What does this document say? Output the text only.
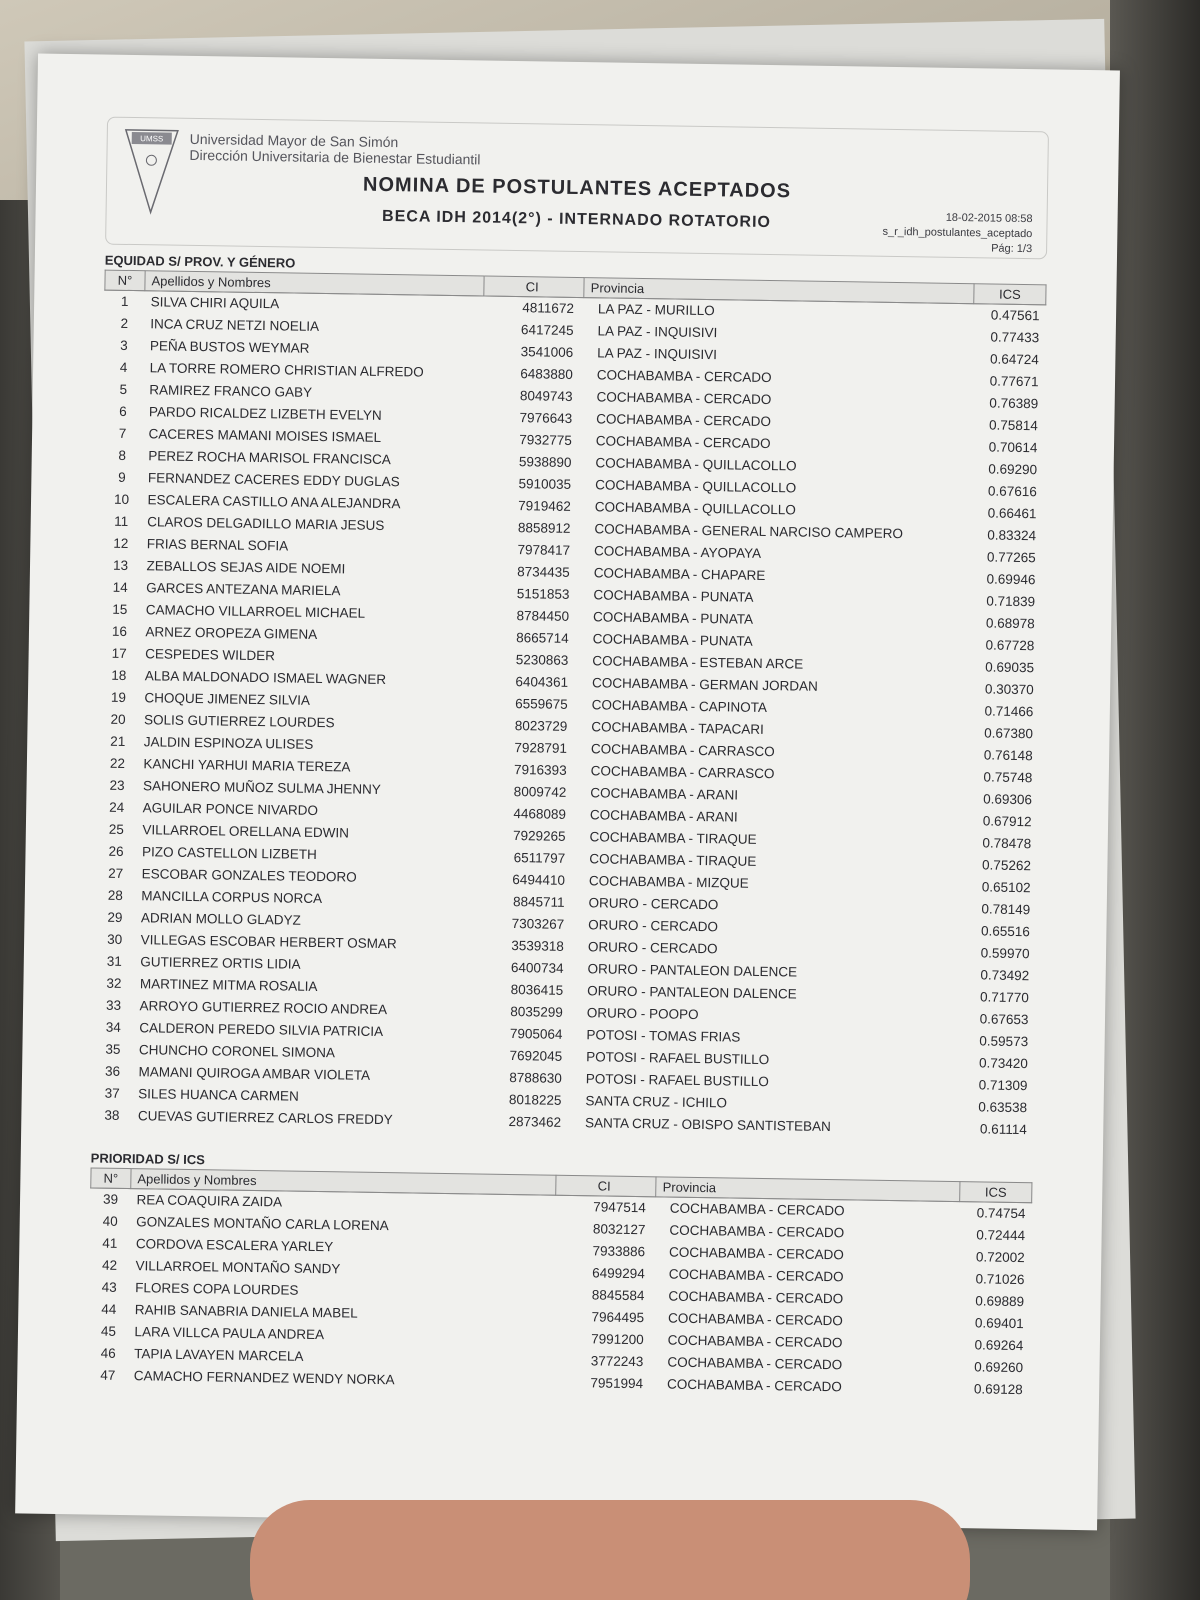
UMSS Universidad Mayor de San Simón
Dirección Universitaria de Bienestar Estudiantil
NOMINA DE POSTULANTES ACEPTADOS
BECA IDH 2014(2°) - INTERNADO ROTATORIO	18-02-2015 08:58
s_r_idh_postulantes_aceptado
Pág: 1/3
EQUIDAD S/ PROV. Y GÉNERO
N°	Apellidos y Nombres	CI	Provincia	ICS
1	SILVA CHIRI AQUILA	4811672	LA PAZ - MURILLO	0.47561
2	INCA CRUZ NETZI NOELIA	6417245	LA PAZ - INQUISIVI	0.77433
3	PEÑA BUSTOS WEYMAR	3541006	LA PAZ - INQUISIVI	0.64724
4	LA TORRE ROMERO CHRISTIAN ALFREDO	6483880	COCHABAMBA - CERCADO	0.77671
5	RAMIREZ FRANCO GABY	8049743	COCHABAMBA - CERCADO	0.76389
6	PARDO RICALDEZ LIZBETH EVELYN	7976643	COCHABAMBA - CERCADO	0.75814
7	CACERES MAMANI MOISES ISMAEL	7932775	COCHABAMBA - CERCADO	0.70614
8	PEREZ ROCHA MARISOL FRANCISCA	5938890	COCHABAMBA - QUILLACOLLO	0.69290
9	FERNANDEZ CACERES EDDY DUGLAS	5910035	COCHABAMBA - QUILLACOLLO	0.67616
10	ESCALERA CASTILLO ANA ALEJANDRA	7919462	COCHABAMBA - QUILLACOLLO	0.66461
11	CLAROS DELGADILLO MARIA JESUS	8858912	COCHABAMBA - GENERAL NARCISO CAMPERO	0.83324
12	FRIAS BERNAL SOFIA	7978417	COCHABAMBA - AYOPAYA	0.77265
13	ZEBALLOS SEJAS AIDE NOEMI	8734435	COCHABAMBA - CHAPARE	0.69946
14	GARCES ANTEZANA MARIELA	5151853	COCHABAMBA - PUNATA	0.71839
15	CAMACHO VILLARROEL MICHAEL	8784450	COCHABAMBA - PUNATA	0.68978
16	ARNEZ OROPEZA GIMENA	8665714	COCHABAMBA - PUNATA	0.67728
17	CESPEDES WILDER	5230863	COCHABAMBA - ESTEBAN ARCE	0.69035
18	ALBA MALDONADO ISMAEL WAGNER	6404361	COCHABAMBA - GERMAN JORDAN	0.30370
19	CHOQUE JIMENEZ SILVIA	6559675	COCHABAMBA - CAPINOTA	0.71466
20	SOLIS GUTIERREZ LOURDES	8023729	COCHABAMBA - TAPACARI	0.67380
21	JALDIN ESPINOZA ULISES	7928791	COCHABAMBA - CARRASCO	0.76148
22	KANCHI YARHUI MARIA TEREZA	7916393	COCHABAMBA - CARRASCO	0.75748
23	SAHONERO MUÑOZ SULMA JHENNY	8009742	COCHABAMBA - ARANI	0.69306
24	AGUILAR PONCE NIVARDO	4468089	COCHABAMBA - ARANI	0.67912
25	VILLARROEL ORELLANA EDWIN	7929265	COCHABAMBA - TIRAQUE	0.78478
26	PIZO CASTELLON LIZBETH	6511797	COCHABAMBA - TIRAQUE	0.75262
27	ESCOBAR GONZALES TEODORO	6494410	COCHABAMBA - MIZQUE	0.65102
28	MANCILLA CORPUS NORCA	8845711	ORURO - CERCADO	0.78149
29	ADRIAN MOLLO GLADYZ	7303267	ORURO - CERCADO	0.65516
30	VILLEGAS ESCOBAR HERBERT OSMAR	3539318	ORURO - CERCADO	0.59970
31	GUTIERREZ ORTIS LIDIA	6400734	ORURO - PANTALEON DALENCE	0.73492
32	MARTINEZ MITMA ROSALIA	8036415	ORURO - PANTALEON DALENCE	0.71770
33	ARROYO GUTIERREZ ROCIO ANDREA	8035299	ORURO - POOPO	0.67653
34	CALDERON PEREDO SILVIA PATRICIA	7905064	POTOSI - TOMAS FRIAS	0.59573
35	CHUNCHO CORONEL SIMONA	7692045	POTOSI - RAFAEL BUSTILLO	0.73420
36	MAMANI QUIROGA AMBAR VIOLETA	8788630	POTOSI - RAFAEL BUSTILLO	0.71309
37	SILES HUANCA CARMEN	8018225	SANTA CRUZ - ICHILO	0.63538
38	CUEVAS GUTIERREZ CARLOS FREDDY	2873462	SANTA CRUZ - OBISPO SANTISTEBAN	0.61114
PRIORIDAD S/ ICS
N°	Apellidos y Nombres	CI	Provincia	ICS
39	REA COAQUIRA ZAIDA	7947514	COCHABAMBA - CERCADO	0.74754
40	GONZALES MONTAÑO CARLA LORENA	8032127	COCHABAMBA - CERCADO	0.72444
41	CORDOVA ESCALERA YARLEY	7933886	COCHABAMBA - CERCADO	0.72002
42	VILLARROEL MONTAÑO SANDY	6499294	COCHABAMBA - CERCADO	0.71026
43	FLORES COPA LOURDES	8845584	COCHABAMBA - CERCADO	0.69889
44	RAHIB SANABRIA DANIELA MABEL	7964495	COCHABAMBA - CERCADO	0.69401
45	LARA VILLCA PAULA ANDREA	7991200	COCHABAMBA - CERCADO	0.69264
46	TAPIA LAVAYEN MARCELA	3772243	COCHABAMBA - CERCADO	0.69260
47	CAMACHO FERNANDEZ WENDY NORKA	7951994	COCHABAMBA - CERCADO	0.69128
